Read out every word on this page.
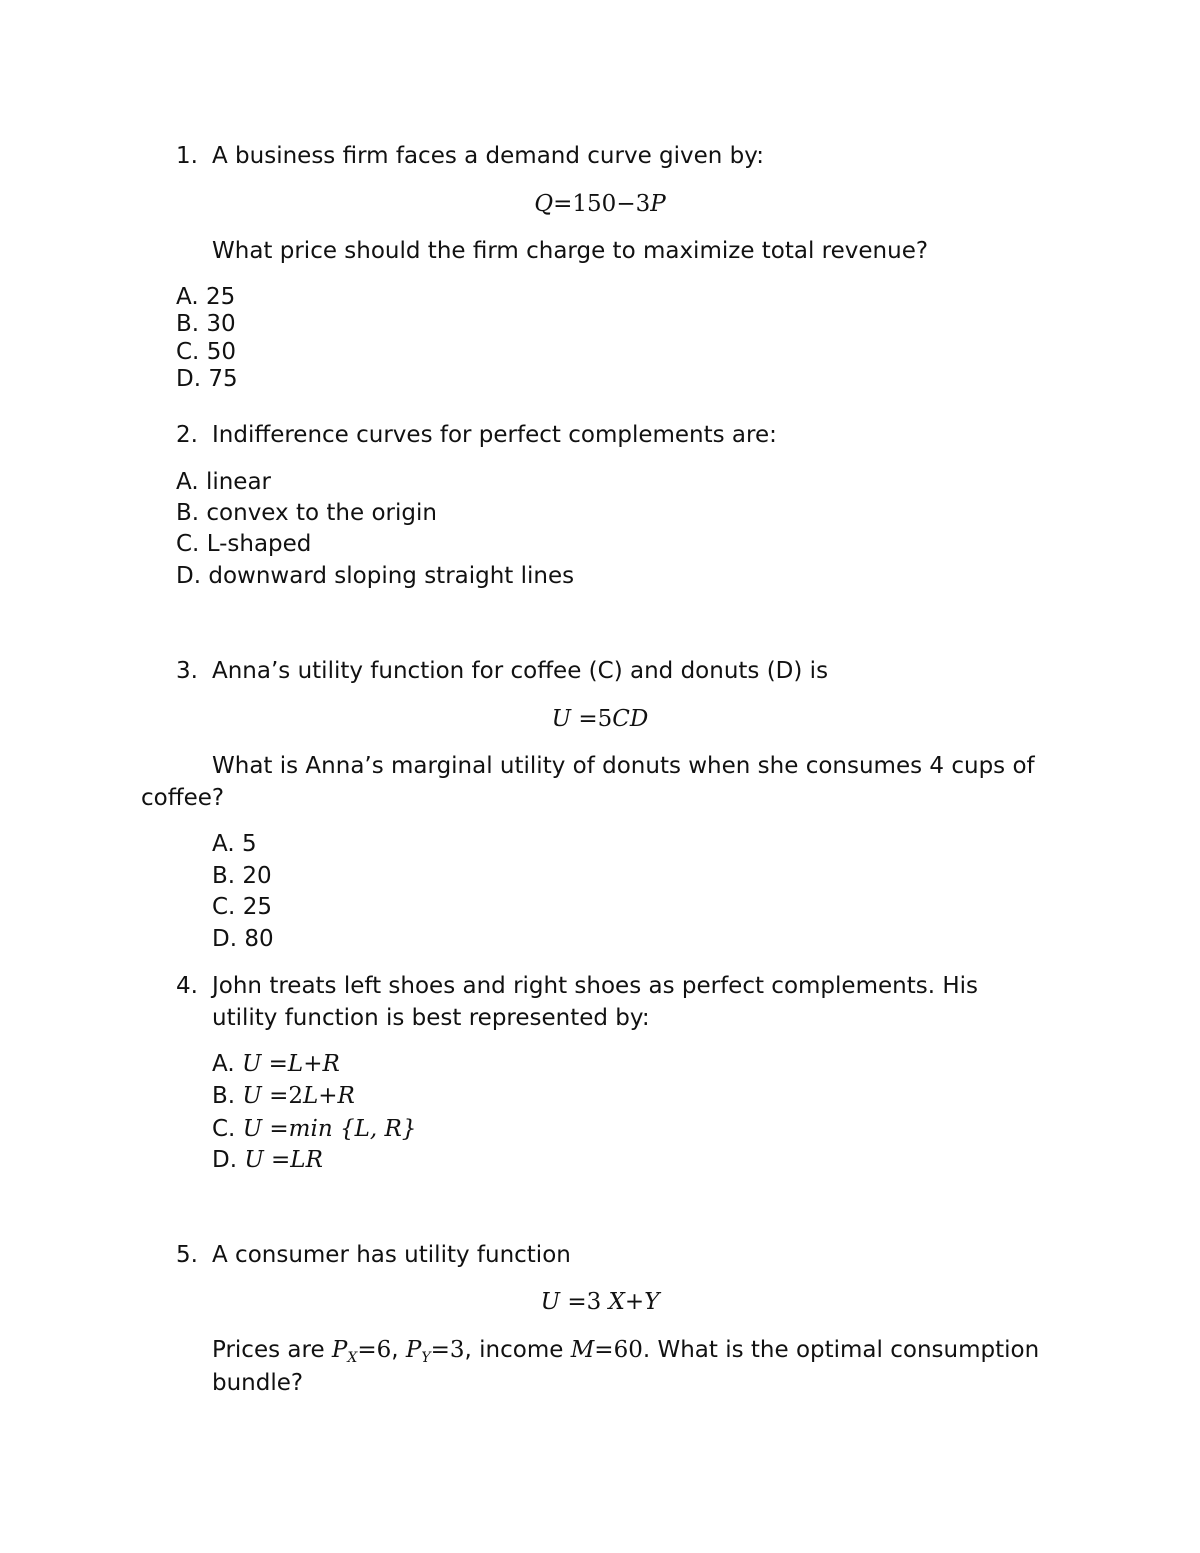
1. A business firm faces a demand curve given by:
Q=150−3P
What price should the firm charge to maximize total revenue?
A. 25
B. 30
C. 50
D. 75
2. Indifference curves for perfect complements are:
A. linear
B. convex to the origin
C. L-shaped
D. downward sloping straight lines
3. Anna’s utility function for coffee (C) and donuts (D) is
U =5CD
What is Anna’s marginal utility of donuts when she consumes 4 cups of
coffee?
A. 5
B. 20
C. 25
D. 80
4. John treats left shoes and right shoes as perfect complements. His
utility function is best represented by:
A. U =L+R
B. U =2L+R
C. U =min {L, R}
D. U =LR
5. A consumer has utility function
U =3 X+Y
Prices are $P_X=6$, $P_Y=3$, income M=60. What is the optimal consumption
bundle?
